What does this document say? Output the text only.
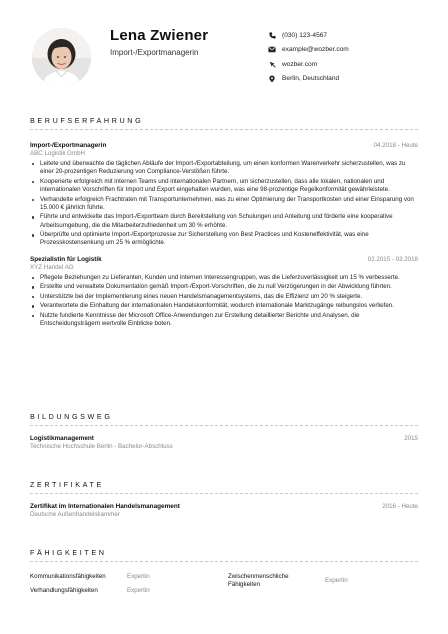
Lena Zwiener
Import-/Exportmanagerin
(030) 123-4567
example@wozber.com
wozber.com
Berlin, Deutschland
BERUFSERFAHRUNG
Import-/Exportmanagerin
ABC Logistik GmbH
04.2018 - Heute
Leitete und überwachte die täglichen Abläufe der Import-/Exportabteilung, um einen konformen Warenverkehr sicherzustellen, was zu einer 20-prozentigen Reduzierung von Compliance-Verstößen führte.
Kooperierte erfolgreich mit internen Teams und internationalen Partnern, um sicherzustellen, dass alle lokalen, nationalen und internationalen Vorschriften für Import und Export eingehalten wurden, was eine 98-prozentige Regelkonformität gewährleistete.
Verhandelte erfolgreich Frachtraten mit Transportunternehmen, was zu einer Optimierung der Transportkosten und einer Einsparung von 15.000 € jährlich führte.
Führte und entwickelte das Import-/Exportteam durch Bereitstellung von Schulungen und Anleitung und förderte eine kooperative Arbeitsumgebung, die die Mitarbeiterzufriedenheit um 30 % erhöhte.
Überprüfte und optimierte Import-/Exportprozesse zur Sicherstellung von Best Practices und Kosteneffektivität, was eine Prozesskostensenkung um 25 % ermöglichte.
Spezialistin für Logistik
XYZ Handel AG
02.2015 - 03.2018
Pflegete Beziehungen zu Lieferanten, Kunden und internen Interessengruppen, was die Lieferzuverlässigkeit um 15 % verbesserte.
Erstellte und verwaltete Dokumentation gemäß Import-/Export-Vorschriften, die zu null Verzögerungen in der Abwicklung führten.
Unterstützte bei der Implementierung eines neuen Handelsmanagementsystems, das die Effizienz um 20 % steigerte.
Verantwortete die Einhaltung der internationalen Handelskonformität, wodurch internationale Marktzugänge reibungslos verliefen.
Nutzte fundierte Kenntnisse der Microsoft Office-Anwendungen zur Erstellung detaillierter Berichte und Analysen, die Entscheidungsträgern wertvolle Einblicke boten.
BILDUNGSWEG
Logistikmanagement
Technische Hochschule Berlin - Bachelor-Abschluss
2015
ZERTIFIKATE
Zertifikat im Internationalen Handelsmanagement
Deutsche Außenhandelskammer
2016 - Heute
FÄHIGKEITEN
Kommunikationsfähigkeiten	Expertin
Verhandlungsfähigkeiten	Expertin
Zwischenmenschliche Fähigkeiten
Expertin
